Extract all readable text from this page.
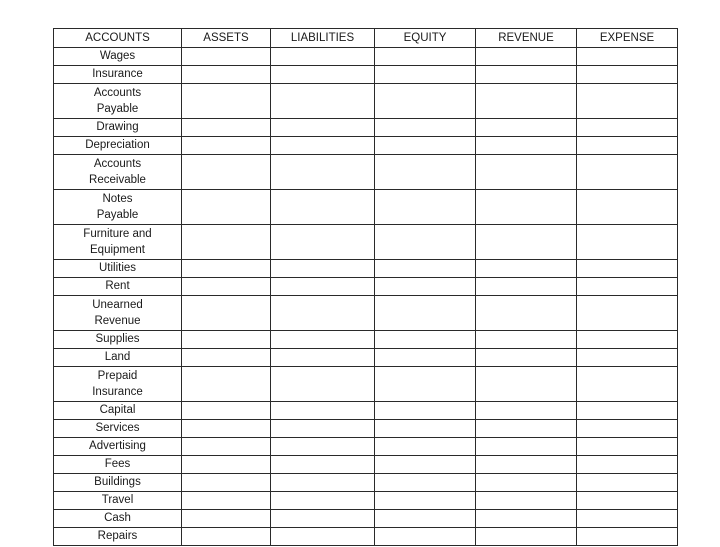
ACCOUNTS	ASSETS	LIABILITIES	EQUITY	REVENUE	EXPENSE

Wages					

Insurance					

Accounts
Payable					

Drawing					

Depreciation					

Accounts
Receivable					

Notes
Payable					

Furniture and
Equipment					

Utilities					

Rent					

Unearned
Revenue					

Supplies					

Land					

Prepaid
Insurance					

Capital					

Services					

Advertising					

Fees					

Buildings					

Travel					

Cash					

Repairs					
